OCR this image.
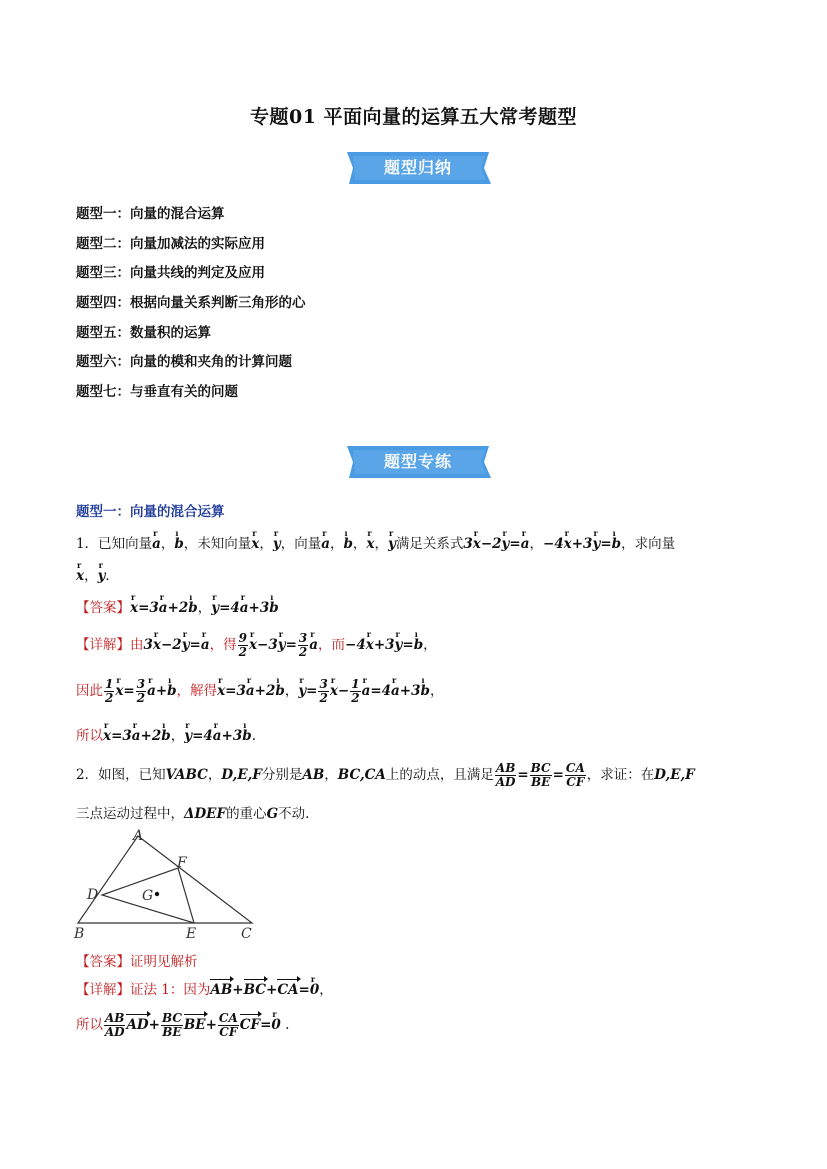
专题01 平面向量的运算五大常考题型
题型归纳
题型一：向量的混合运算
题型二：向量加减法的实际应用
题型三：向量共线的判定及应用
题型四：根据向量关系判断三角形的心
题型五：数量积的运算
题型六：向量的模和夹角的计算问题
题型七：与垂直有关的问题
题型专练
题型一：向量的混合运算
1．已知向量r a，ı b，未知向量r x，r y，向量r a，ı b，r x，r y满足关系式3r x−2r y=r a，−4r x+3r y=ı b，求向量
r x，r y．
【答案】r x=3r a+2ı b，r y=4r a+3ı b
【详解】由3r x−2r y=r a，得 $\frac{9}{2}$ r x−3r $y= \frac{3}{2}$ r a，而−4r x+3r y=ı b，
因此 $\frac{1}{2}$ r $x= \frac{3}{2}$ r a+ı b，解得r x=3r a+2ı b，r $y= \frac{3}{2}$ r $x- \frac{1}{2}$ r a=4r a+3ı b，
所以r x=3r a+2ı b，r y=4r a+3ı b.
2．如图，已知VABC，D,E,F分别是AB，BC,CA上的动点，且满足 $\frac{AB}{AD} = \frac{BC}{BE} = \frac{CA}{CF}$ ，求证：在D,E,F
三点运动过程中，ΔDEF的重心G不动.
A
B	C
D
E
F
G
【答案】证明见解析
【详解】证法 1：因为AB+BC+CA=r 0，
所以 $\frac{AB}{AD} AD+ \frac{BC}{BE} BE+ \frac{CA}{CF} CF=r$ 0 .
